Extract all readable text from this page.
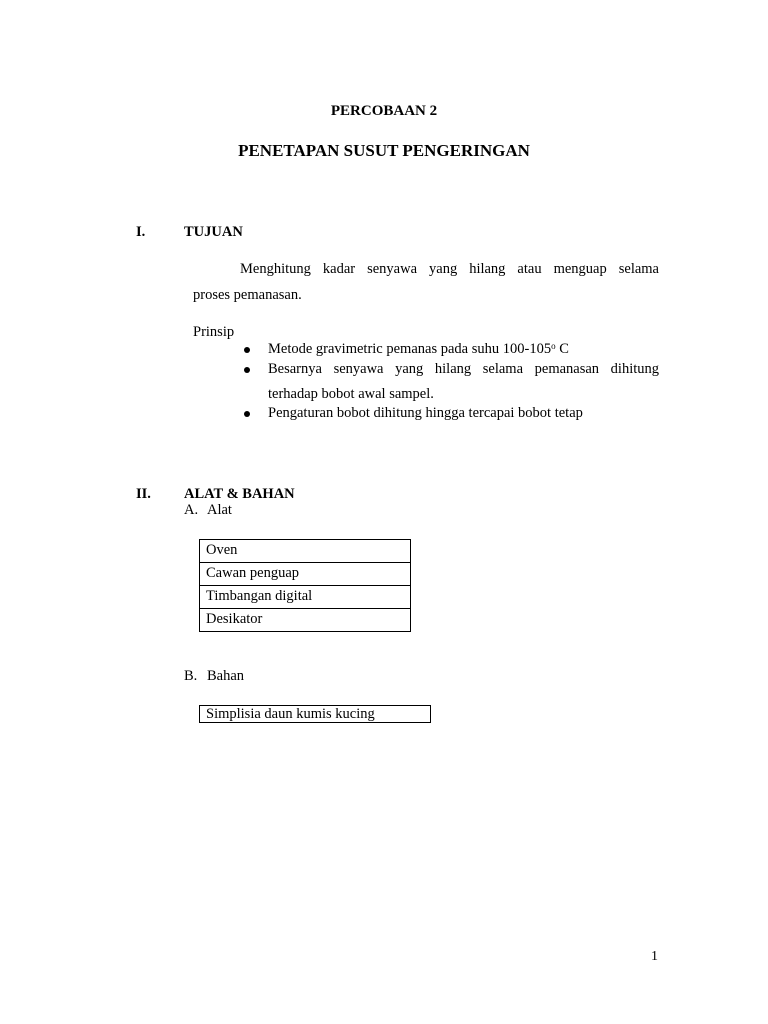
PERCOBAAN 2
PENETAPAN SUSUT PENGERINGAN
I.	TUJUAN
Menghitung kadar senyawa yang hilang atau menguap selama
proses pemanasan.
Prinsip
Metode gravimetric pemanas pada suhu 100-105$^o$ C
Besarnya senyawa yang hilang selama pemanasan dihitung
terhadap bobot awal sampel.
Pengaturan bobot dihitung hingga tercapai bobot tetap
II. ALAT & BAHAN
A. Alat
Oven
Cawan penguap
Timbangan digital
Desikator
B. Bahan
Simplisia daun kumis kucing
1
